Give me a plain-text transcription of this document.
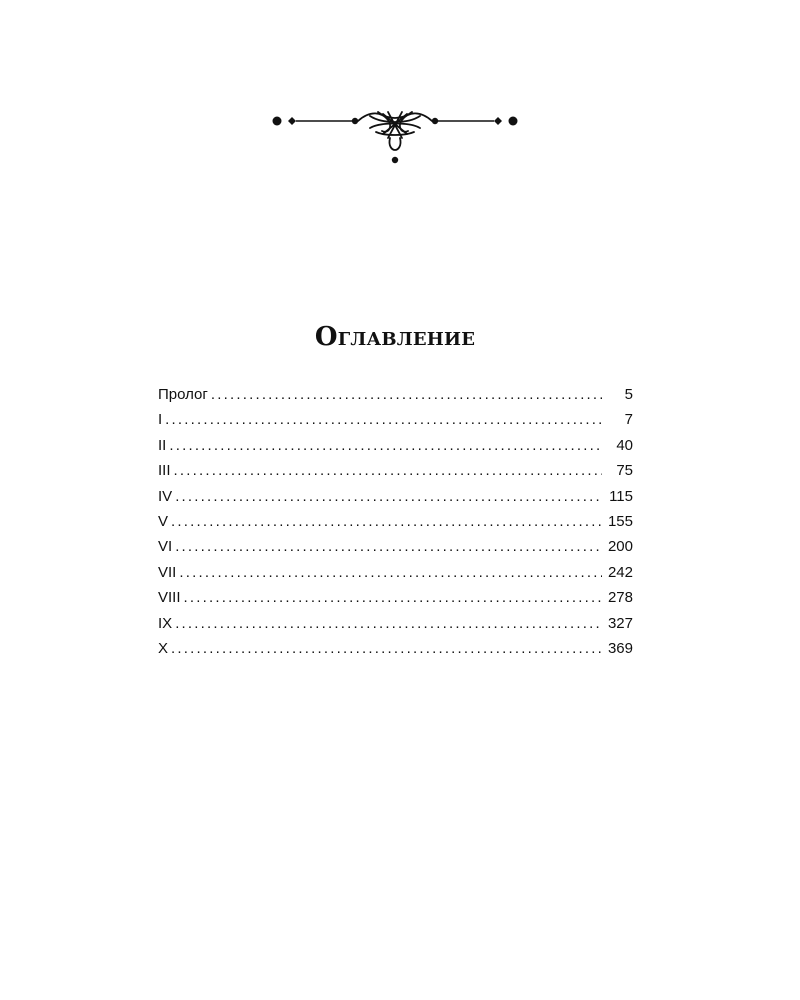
Оглавление
Пролог .....	5
I .....	7
II .....	40
III .....	75
IV .....	115
V .....	155
VI .....	200
VII .....	242
VIII .....	278
IX .....	327
X .....	369
